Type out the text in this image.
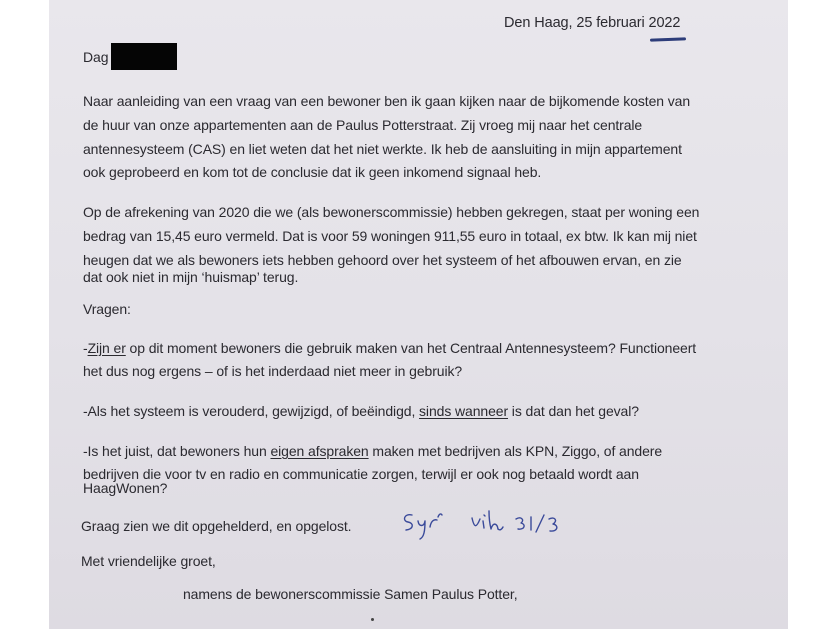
Den Haag, 25 februari 2022

Dag

Naar aanleiding van een vraag van een bewoner ben ik gaan kijken naar de bijkomende kosten van

de huur van onze appartementen aan de Paulus Potterstraat. Zij vroeg mij naar het centrale

antennesysteem (CAS) en liet weten dat het niet werkte. Ik heb de aansluiting in mijn appartement

ook geprobeerd en kom tot de conclusie dat ik geen inkomend signaal heb.

Op de afrekening van 2020 die we (als bewonerscommissie) hebben gekregen, staat per woning een

bedrag van 15,45 euro vermeld. Dat is voor 59 woningen 911,55 euro in totaal, ex btw. Ik kan mij niet

heugen dat we als bewoners iets hebben gehoord over het systeem of het afbouwen ervan, en zie

dat ook niet in mijn ‘huismap’ terug.

Vragen:

-Zijn er op dit moment bewoners die gebruik maken van het Centraal Antennesysteem? Functioneert

het dus nog ergens – of is het inderdaad niet meer in gebruik?

-Als het systeem is verouderd, gewijzigd, of beëindigd, sinds wanneer is dat dan het geval?

-Is het juist, dat bewoners hun eigen afspraken maken met bedrijven als KPN, Ziggo, of andere

bedrijven die voor tv en radio en communicatie zorgen, terwijl er ook nog betaald wordt aan

HaagWonen?

Graag zien we dit opgehelderd, en opgelost.

Met vriendelijke groet,

namens de bewonerscommissie Samen Paulus Potter,
